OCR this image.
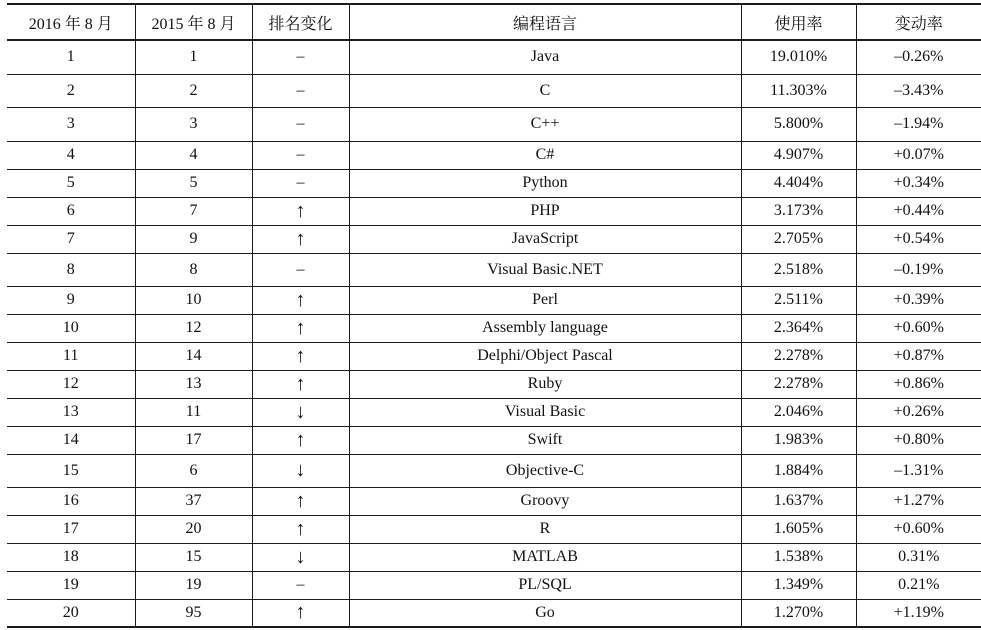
2016 年 8 月	2015 年 8 月	排名变化	编程语言	使用率	变动率
1	1	–	Java	19.010%	–0.26%
2	2	–	C	11.303%	–3.43%
3	3	–	C++	5.800%	–1.94%
4	4	–	C#	4.907%	+0.07%
5	5	–	Python	4.404%	+0.34%
6	7	↑	PHP	3.173%	+0.44%
7	9	↑	JavaScript	2.705%	+0.54%
8	8	–	Visual Basic.NET	2.518%	–0.19%
9	10	↑	Perl	2.511%	+0.39%
10	12	↑	Assembly language	2.364%	+0.60%
11	14	↑	Delphi/Object Pascal	2.278%	+0.87%
12	13	↑	Ruby	2.278%	+0.86%
13	11	↓	Visual Basic	2.046%	+0.26%
14	17	↑	Swift	1.983%	+0.80%
15	6	↓	Objective-C	1.884%	–1.31%
16	37	↑	Groovy	1.637%	+1.27%
17	20	↑	R	1.605%	+0.60%
18	15	↓	MATLAB	1.538%	0.31%
19	19	–	PL/SQL	1.349%	0.21%
20	95	↑	Go	1.270%	+1.19%
